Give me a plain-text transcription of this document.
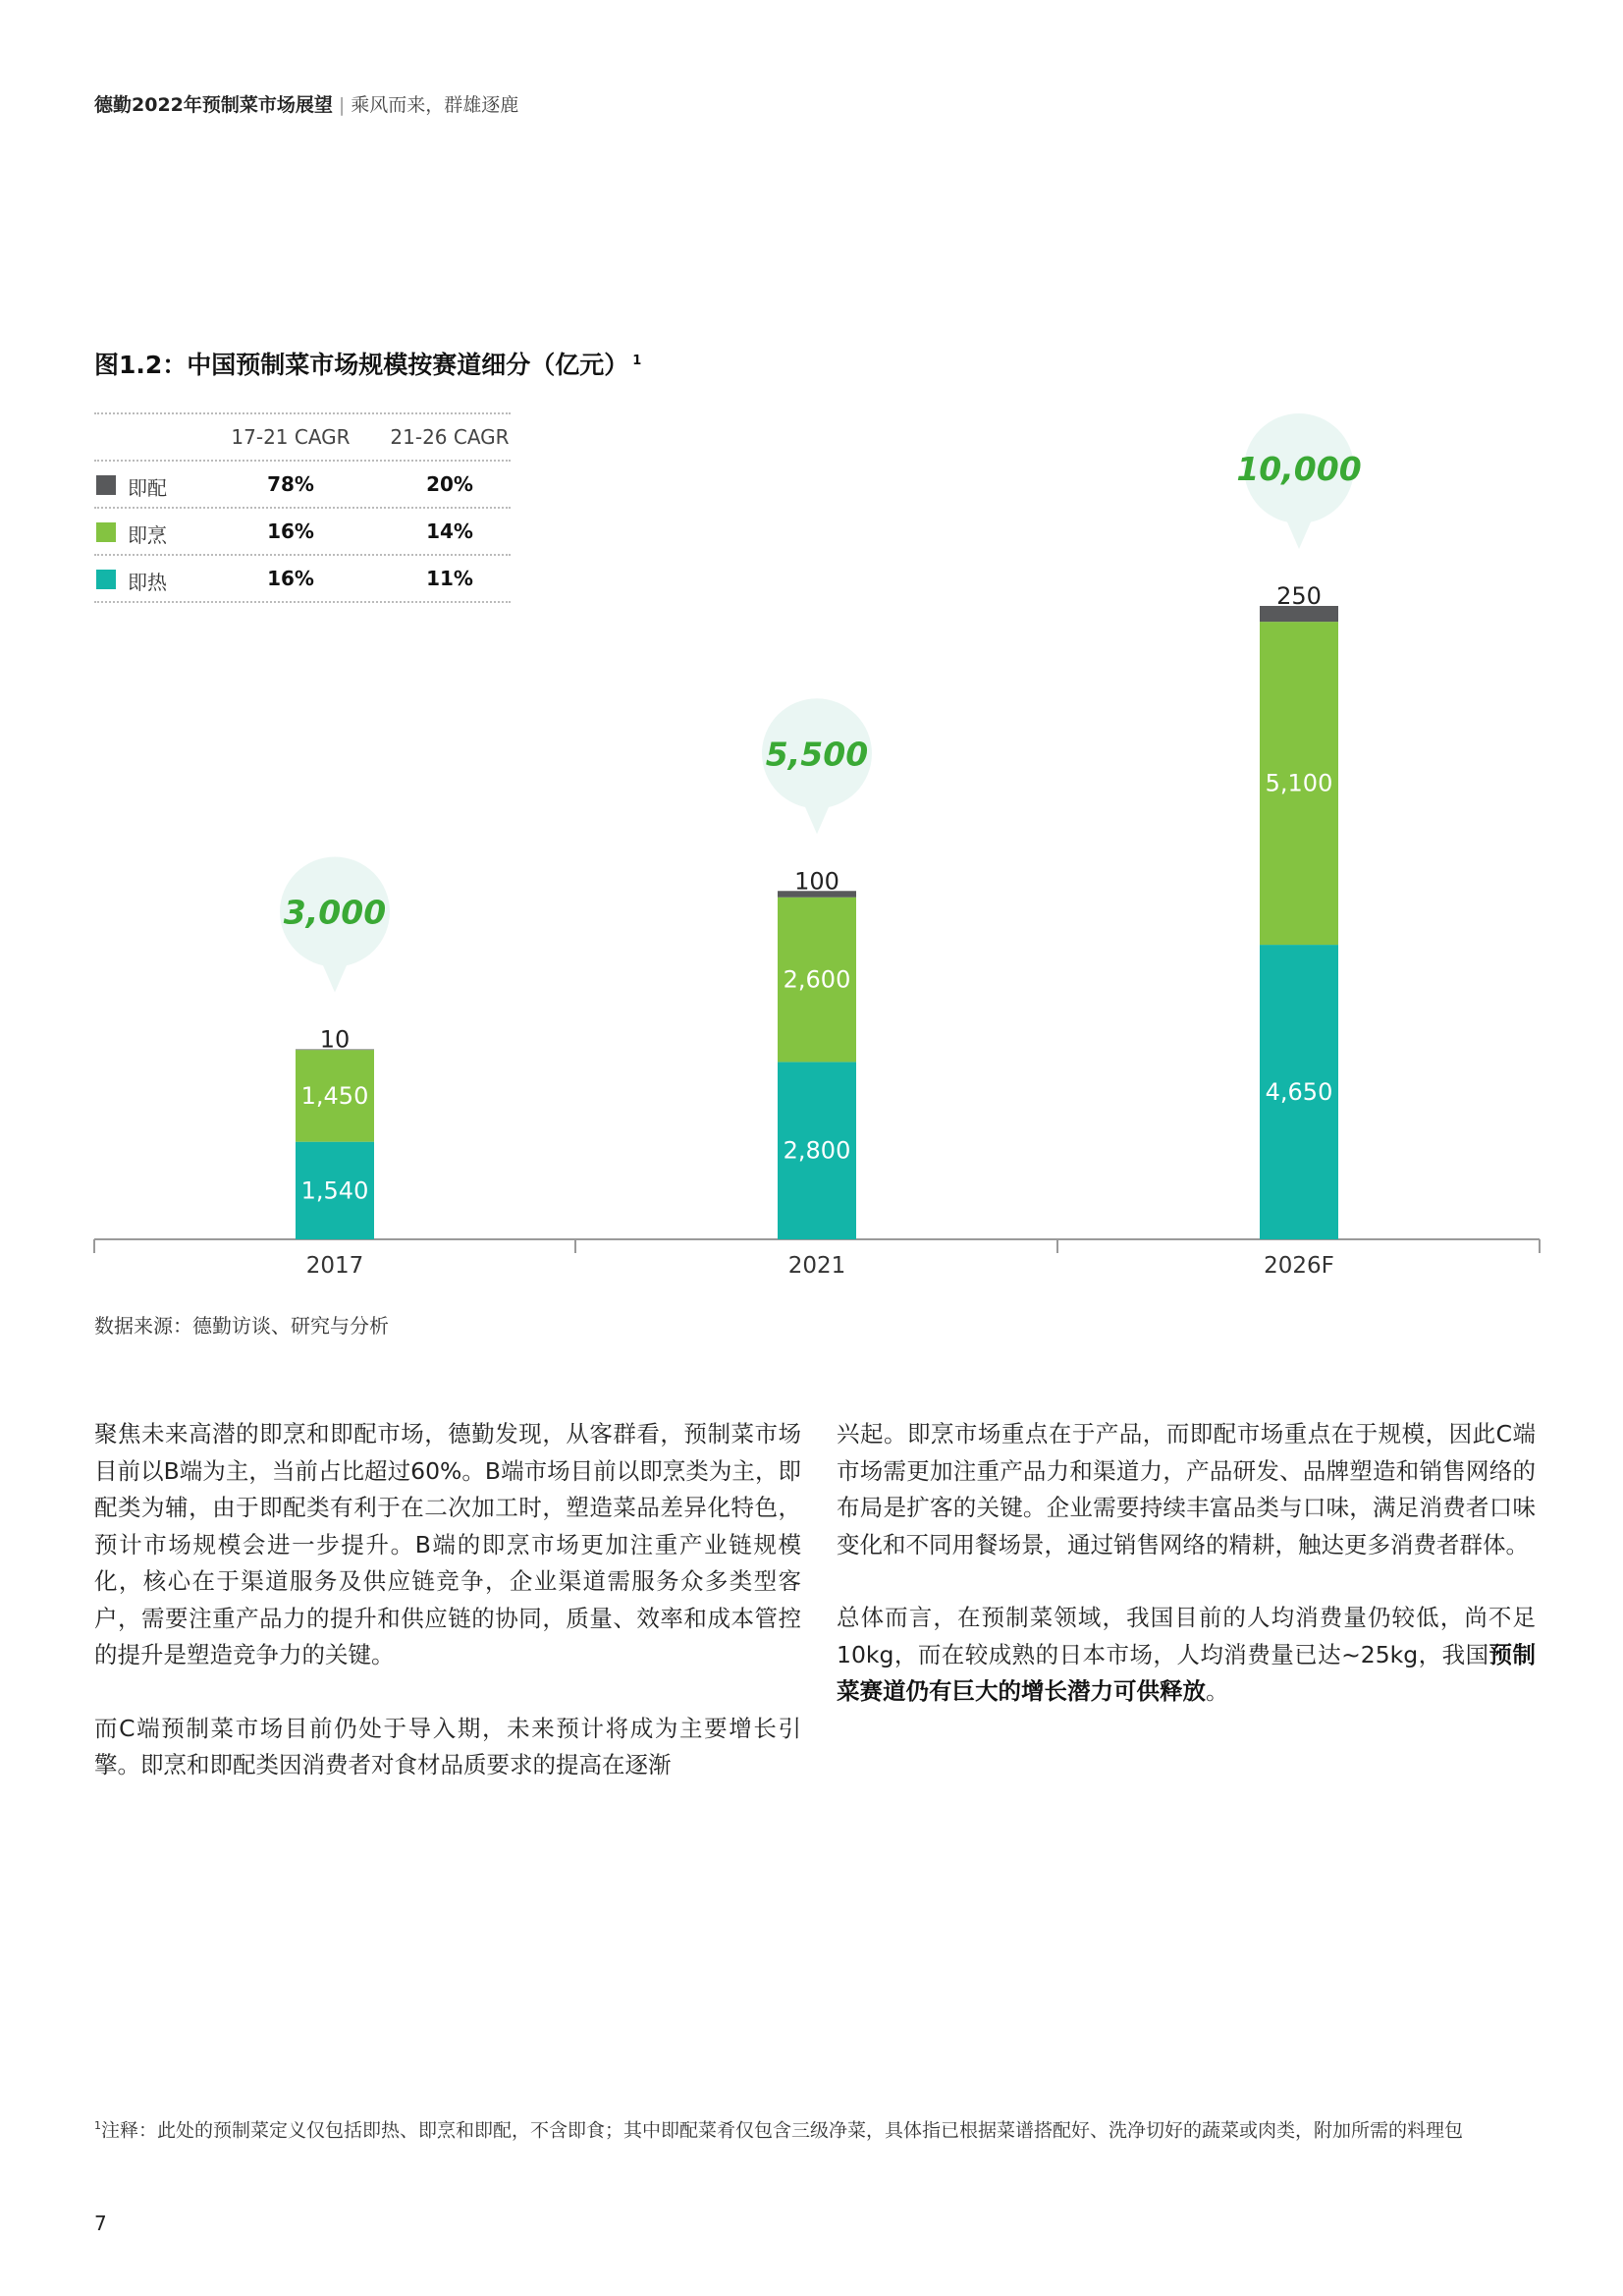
德勤2022年预制菜市场展望 | 乘风而来，群雄逐鹿
图1.2：中国预制菜市场规模按赛道细分（亿元） $^1$
17-21 CAGR	21-26 CAGR
即配	78%	20%
即烹	16%	14%
即热	16%	11%
1,540
1,450
10
3,000
2017
2,800
2,600
100
5,500
2021
4,650
5,100
250
10,000
2026F
数据来源：德勤访谈、研究与分析

聚焦未来高潜的即烹和即配市场，德勤发现，从客群看，预制菜市场目前以B端为主，当前占比超过60%。B端市场目前以即烹类为主，即配类为辅，由于即配类有利于在二次加工时，塑造菜品差异化特色，预计市场规模会进一步提升。B端的即烹市场更加注重产业链规模化，核心在于渠道服务及供应链竞争，企业渠道需服务众多类型客户，需要注重产品力的提升和供应链的协同，质量、效率和成本管控的提升是塑造竞争力的关键。

而C端预制菜市场目前仍处于导入期，未来预计将成为主要增长引擎。即烹和即配类因消费者对食材品质要求的提高在逐渐

兴起。即烹市场重点在于产品，而即配市场重点在于规模，因此C端市场需更加注重产品力和渠道力，产品研发、品牌塑造和销售网络的布局是扩客的关键。企业需要持续丰富品类与口味，满足消费者口味变化和不同用餐场景，通过销售网络的精耕，触达更多消费者群体。

总体而言，在预制菜领域，我国目前的人均消费量仍较低，尚不足10kg，而在较成熟的日本市场，人均消费量已达~25kg，我国预制菜赛道仍有巨大的增长潜力可供释放。

$^1$注释：此处的预制菜定义仅包括即热、即烹和即配，不含即食；其中即配菜肴仅包含三级净菜，具体指已根据菜谱搭配好、洗净切好的蔬菜或肉类，附加所需的料理包
7
